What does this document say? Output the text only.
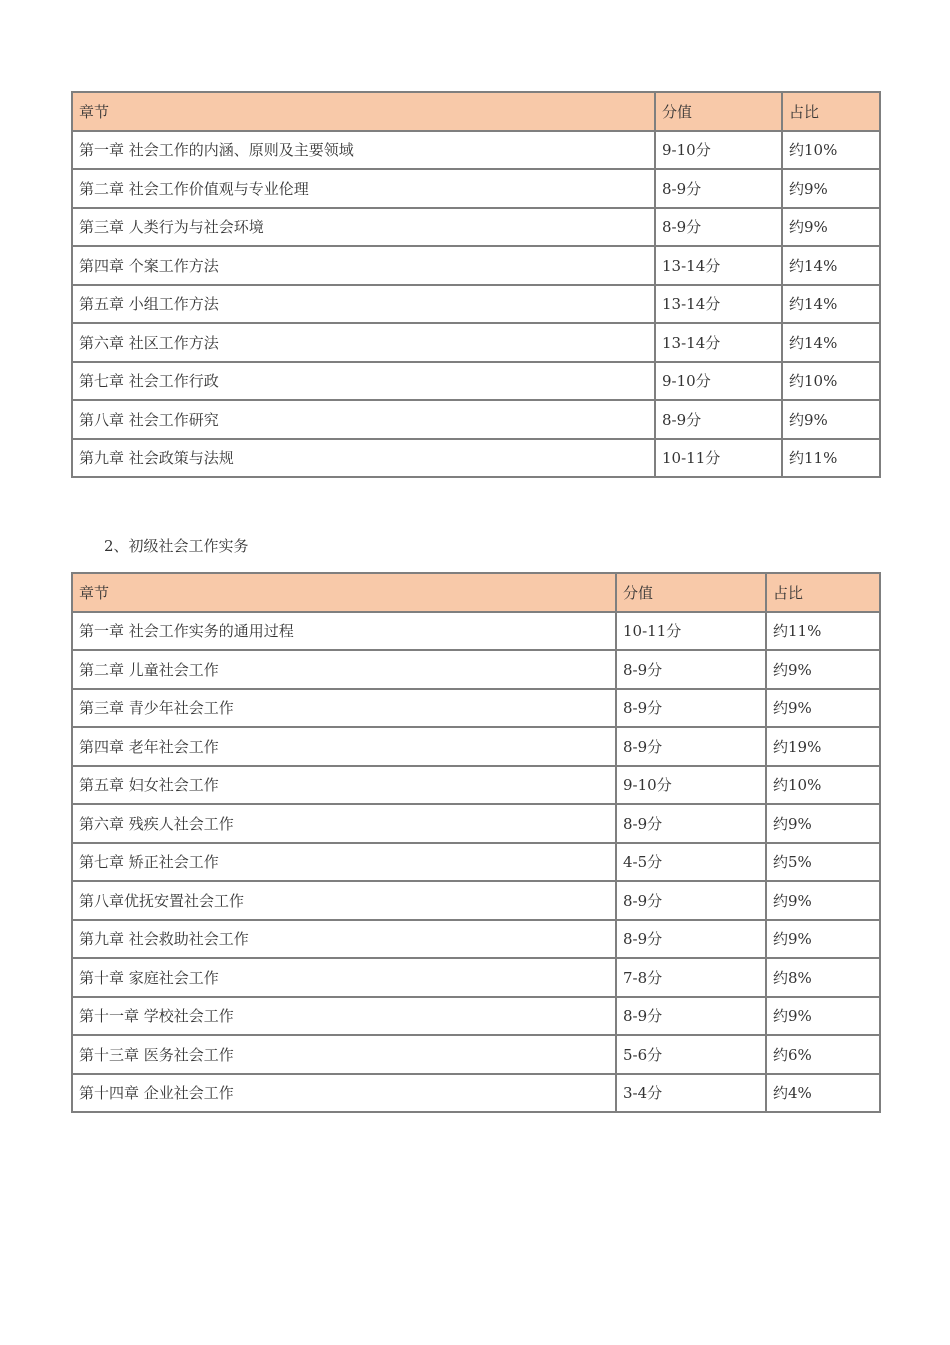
章节	分值	占比
第一章 社会工作的内涵、原则及主要领域	9-10分	约10%
第二章 社会工作价值观与专业伦理	8-9分	约9%
第三章 人类行为与社会环境	8-9分	约9%
第四章 个案工作方法	13-14分	约14%
第五章 小组工作方法	13-14分	约14%
第六章 社区工作方法	13-14分	约14%
第七章 社会工作行政	9-10分	约10%
第八章 社会工作研究	8-9分	约9%
第九章 社会政策与法规	10-11分	约11%
2、初级社会工作实务
章节	分值	占比
第一章 社会工作实务的通用过程	10-11分	约11%
第二章 儿童社会工作	8-9分	约9%
第三章 青少年社会工作	8-9分	约9%
第四章 老年社会工作	8-9分	约19%
第五章 妇女社会工作	9-10分	约10%
第六章 残疾人社会工作	8-9分	约9%
第七章 矫正社会工作	4-5分	约5%
第八章优抚安置社会工作	8-9分	约9%
第九章 社会救助社会工作	8-9分	约9%
第十章 家庭社会工作	7-8分	约8%
第十一章 学校社会工作	8-9分	约9%
第十三章 医务社会工作	5-6分	约6%
第十四章 企业社会工作	3-4分	约4%
